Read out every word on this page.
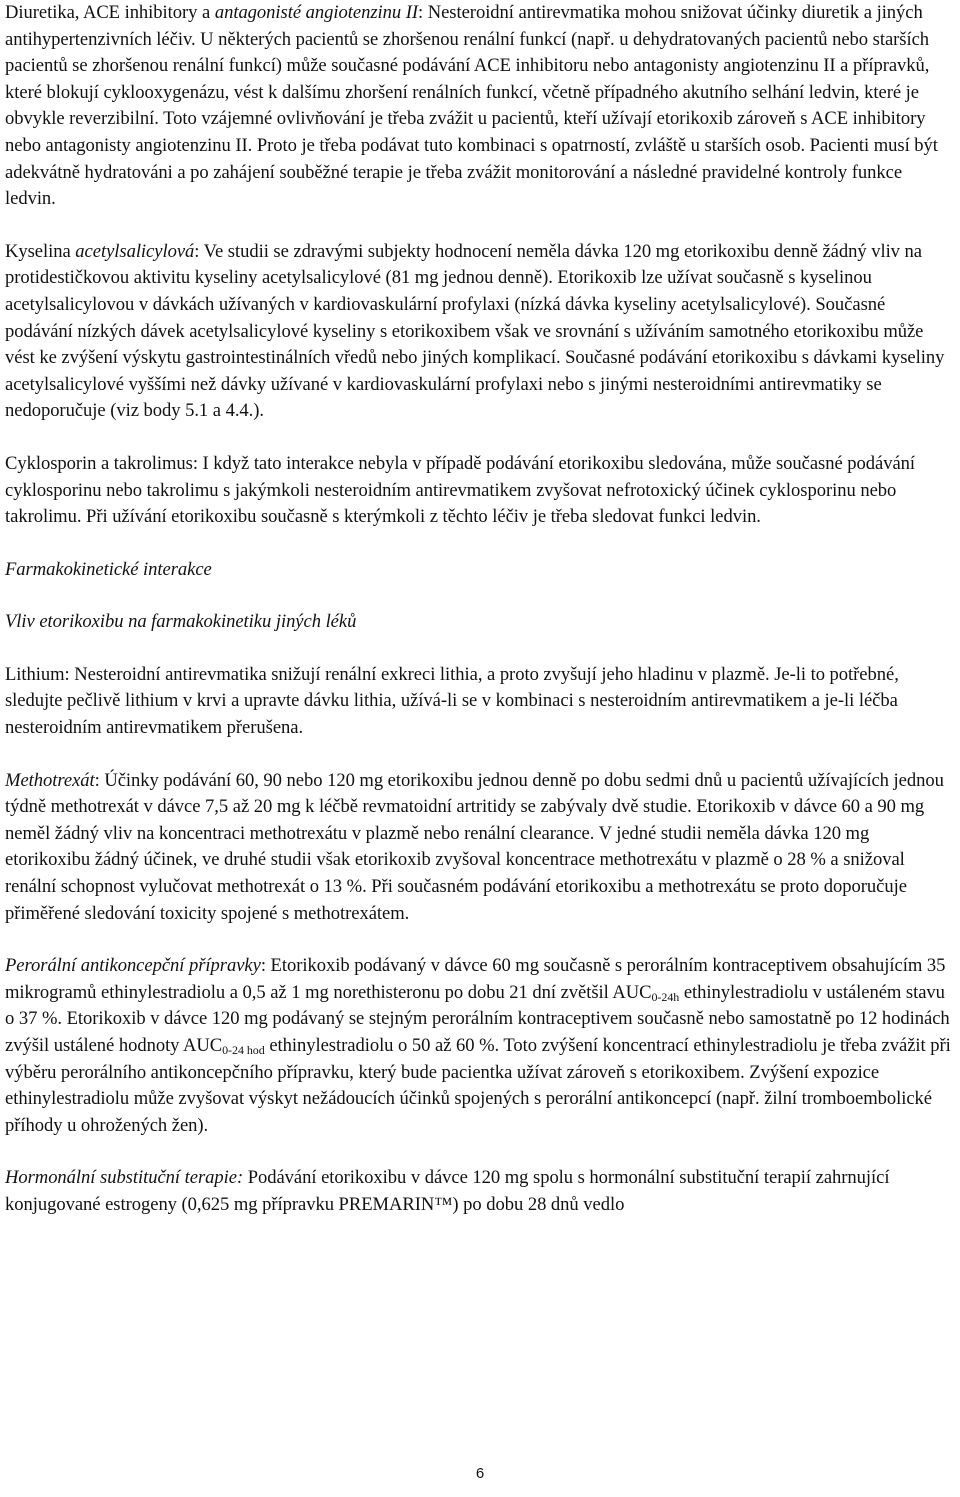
Diuretika, ACE inhibitory a antagonisté angiotenzinu II: Nesteroidní antirevmatika mohou snižovat účinky diuretik a jiných antihypertenzivních léčiv. U některých pacientů se zhoršenou renální funkcí (např. u dehydratovaných pacientů nebo starších pacientů se zhoršenou renální funkcí) může současné podávání ACE inhibitoru nebo antagonisty angiotenzinu II a přípravků, které blokují cyklooxygenázu, vést k dalšímu zhoršení renálních funkcí, včetně případného akutního selhání ledvin, které je obvykle reverzibilní. Toto vzájemné ovlivňování je třeba zvážit u pacientů, kteří užívají etorikoxib zároveň s ACE inhibitory nebo antagonisty angiotenzinu II. Proto je třeba podávat tuto kombinaci s opatrností, zvláště u starších osob. Pacienti musí být adekvátně hydratováni a po zahájení souběžné terapie je třeba zvážit monitorování a následné pravidelné kontroly funkce ledvin.

Kyselina acetylsalicylová: Ve studii se zdravými subjekty hodnocení neměla dávka 120 mg etorikoxibu denně žádný vliv na protidestičkovou aktivitu kyseliny acetylsalicylové (81 mg jednou denně). Etorikoxib lze užívat současně s kyselinou acetylsalicylovou v dávkách užívaných v kardiovaskulární profylaxi (nízká dávka kyseliny acetylsalicylové). Současné podávání nízkých dávek acetylsalicylové kyseliny s etorikoxibem však ve srovnání s užíváním samotného etorikoxibu může vést ke zvýšení výskytu gastrointestinálních vředů nebo jiných komplikací. Současné podávání etorikoxibu s dávkami kyseliny acetylsalicylové vyššími než dávky užívané v kardiovaskulární profylaxi nebo s jinými nesteroidními antirevmatiky se nedoporučuje (viz body 5.1 a 4.4.).

Cyklosporin a takrolimus: I když tato interakce nebyla v případě podávání etorikoxibu sledována, může současné podávání cyklosporinu nebo takrolimu s jakýmkoli nesteroidním antirevmatikem zvyšovat nefrotoxický účinek cyklosporinu nebo takrolimu. Při užívání etorikoxibu současně s kterýmkoli z těchto léčiv je třeba sledovat funkci ledvin.

Farmakokinetické interakce

Vliv etorikoxibu na farmakokinetiku jiných léků

Lithium: Nesteroidní antirevmatika snižují renální exkreci lithia, a proto zvyšují jeho hladinu v plazmě. Je-li to potřebné, sledujte pečlivě lithium v krvi a upravte dávku lithia, užívá-li se v kombinaci s nesteroidním antirevmatikem a je-li léčba nesteroidním antirevmatikem přerušena.

Methotrexát: Účinky podávání 60, 90 nebo 120 mg etorikoxibu jednou denně po dobu sedmi dnů u pacientů užívajících jednou týdně methotrexát v dávce 7,5 až 20 mg k léčbě revmatoidní artritidy se zabývaly dvě studie. Etorikoxib v dávce 60 a 90 mg neměl žádný vliv na koncentraci methotrexátu v plazmě nebo renální clearance. V jedné studii neměla dávka 120 mg etorikoxibu žádný účinek, ve druhé studii však etorikoxib zvyšoval koncentrace methotrexátu v plazmě o 28 % a snižoval renální schopnost vylučovat methotrexát o 13 %. Při současném podávání etorikoxibu a methotrexátu se proto doporučuje přiměřené sledování toxicity spojené s methotrexátem.

Perorální antikoncepční přípravky: Etorikoxib podávaný v dávce 60 mg současně s perorálním kontraceptivem obsahujícím 35 mikrogramů ethinylestradiolu a 0,5 až 1 mg norethisteronu po dobu 21 dní zvětšil $AUC_{0-24h}$ ethinylestradiolu v ustáleném stavu o 37 %. Etorikoxib v dávce 120 mg podávaný se stejným perorálním kontraceptivem současně nebo samostatně po 12 hodinách zvýšil ustálené hodnoty $AUC_{0-24 hod}$ ethinylestradiolu o 50 až 60 %. Toto zvýšení koncentrací ethinylestradiolu je třeba zvážit při výběru perorálního antikoncepčního přípravku, který bude pacientka užívat zároveň s etorikoxibem. Zvýšení expozice ethinylestradiolu může zvyšovat výskyt nežádoucích účinků spojených s perorální antikoncepcí (např. žilní tromboembolické příhody u ohrožených žen).

Hormonální substituční terapie: Podávání etorikoxibu v dávce 120 mg spolu s hormonální substituční terapií zahrnující konjugované estrogeny (0,625 mg přípravku PREMARIN™) po dobu 28 dnů vedlo

6
